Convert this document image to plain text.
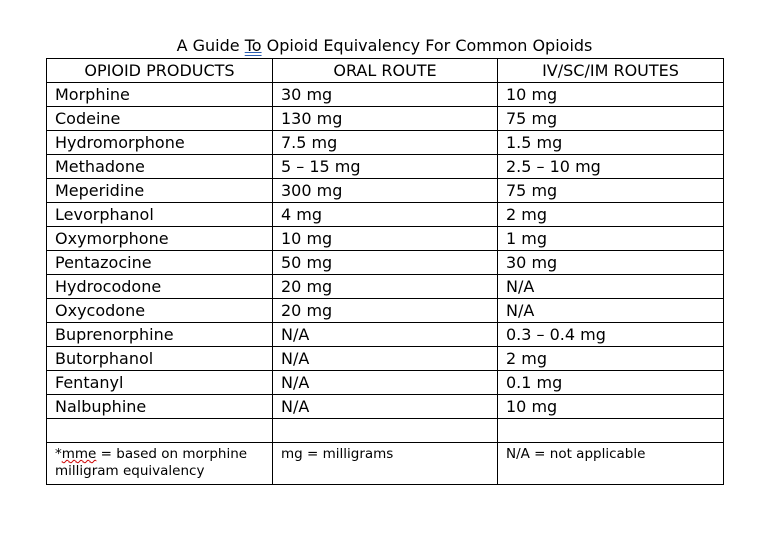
A Guide To Opioid Equivalency For Common Opioids
OPIOID PRODUCTS	ORAL ROUTE	IV/SC/IM ROUTES
Morphine	30 mg	10 mg
Codeine	130 mg	75 mg
Hydromorphone	7.5 mg	1.5 mg
Methadone	5 – 15 mg	2.5 – 10 mg
Meperidine	300 mg	75 mg
Levorphanol	4 mg	2 mg
Oxymorphone	10 mg	1 mg
Pentazocine	50 mg	30 mg
Hydrocodone	20 mg	N/A
Oxycodone	20 mg	N/A
Buprenorphine	N/A	0.3 – 0.4 mg
Butorphanol	N/A	2 mg
Fentanyl	N/A	0.1 mg
Nalbuphine	N/A	10 mg

*mme = based on morphine milligram equivalency	mg = milligrams	N/A = not applicable
